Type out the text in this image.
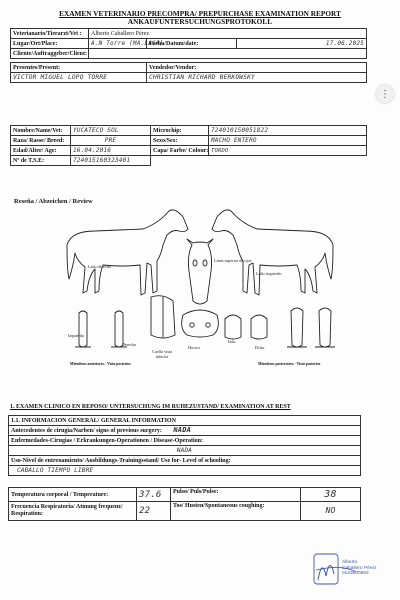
EXAMEN VETERINARIO PRECOMPRA/ PREPURCHASE EXAMINATION REPORT
ANKAUFUNTERSUCHUNGSPROTOKOLL
⋮
Veterianario/Tierarzt/Vet :	Alberto Caballero Pérez		
Lugar/Ort/Place:	A.N Torre (MA.LAGA)	Fecha/Datum/date:	17.06.2025
Cliente/Auftraggeber/Client:			

Presentes/Present:		Vendedor/Vendor:	
VICTOR MIGUEL LOPO TORRE		CHRISTIAN RICHARD BERKOWSKY	
Nombre/Name/Vet:	YUCATECO SOL	Microchip:	724010150051822
Raza/ Rasse/ Breed:	PRE	Sexo/Sex:	MACHO ENTERO
Edad/Alter/ Age:	16.04.2016	Capa/ Farbe/ Colour:	TORDO
Nº de T.S.E:	724015160323401		
Reseña / Abzeichen / Review
Lado derecho
Lado izquierdo
Línea superior de ojos
Izquierda
Derecha
Hocico
Izda.
Dcha.
Cuello vista inferior
Miembros anteriores.- Vista posterior	Miembros posteriores.- Vista posterior
1. EXAMEN CLINICO EN REPOSO/ UNTERSUCHUNG IM RUHEZUSTAND/ EXAMINATION AT REST
1.1. INFORMACION GENERAL/ GENERAL INFORMATION
Antecedentes de cirugía/Narben/ signs of previous surgery: NADA
Enfermedades-Cirugias / Erkrankungen-Operationen / Disease-Operation:
NADA
Uso-Nivel de entrenamiento/ Ausbildungs-Trainingsstand/ Use for- Level of schooling:
CABALLO TIEMPO LIBRE
Temperatura corporal / Temperature:	37.6	Pulso/ Puls/Pulse:	38

Frecuencia Respiratoria/ Atmung frequenz/
Respiration:	22	Tos/ Husten/Spontaneous coughing:	NO
Alberto
Caballero Pérez
0123000863
